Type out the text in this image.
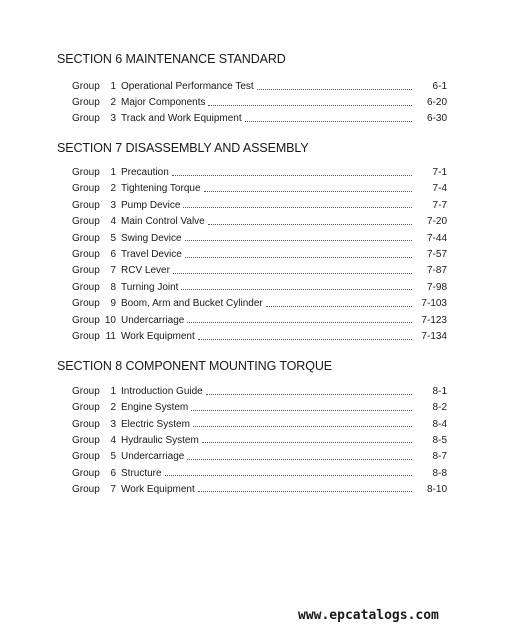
SECTION 6 MAINTENANCE STANDARD
Group	1 Operational Performance Test	6-1
Group	2 Major Components	6-20
Group	3 Track and Work Equipment	6-30
SECTION 7 DISASSEMBLY AND ASSEMBLY
Group	1 Precaution	7-1
Group	2 Tightening Torque	7-4
Group	3 Pump Device	7-7
Group	4 Main Control Valve	7-20
Group	5 Swing Device	7-44
Group	6 Travel Device	7-57
Group	7 RCV Lever	7-87
Group	8 Turning Joint	7-98
Group	9 Boom, Arm and Bucket Cylinder	7-103
Group 10 Undercarriage	7-123
Group 11 Work Equipment	7-134
SECTION 8 COMPONENT MOUNTING TORQUE
Group	1 Introduction Guide	8-1
Group	2 Engine System	8-2
Group	3 Electric System	8-4
Group	4 Hydraulic System	8-5
Group	5 Undercarriage	8-7
Group	6 Structure	8-8
Group	7 Work Equipment	8-10
www.epcatalogs.com
